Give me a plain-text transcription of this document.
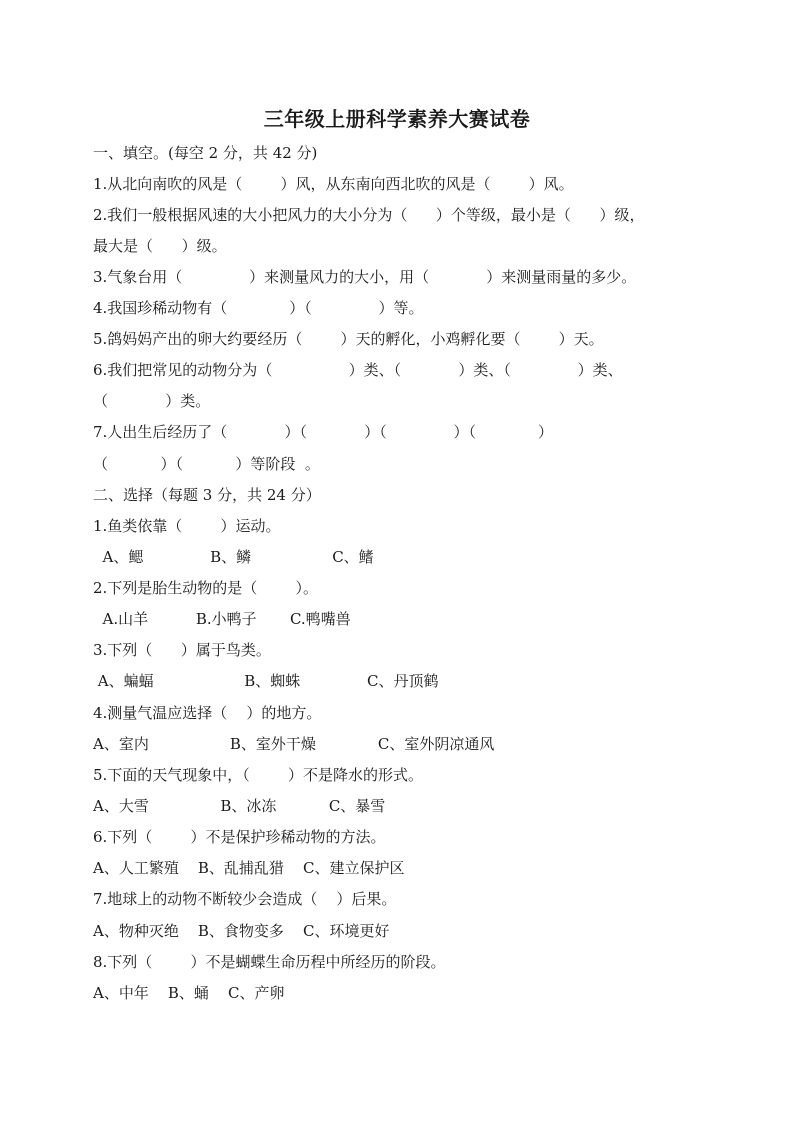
三年级上册科学素养大赛试卷
一、填空。(每空 2 分，共 42 分)
1.从北向南吹的风是（        ）风，从东南向西北吹的风是（        ）风。
2.我们一般根据风速的大小把风力的大小分为（      ）个等级，最小是（      ）级，
最大是（      ）级。
3.气象台用（              ）来测量风力的大小，用（            ）来测量雨量的多少。
4.我国珍稀动物有（             ）（              ）等。
5.鸽妈妈产出的卵大约要经历（        ）天的孵化，小鸡孵化要（        ）天。
6.我们把常见的动物分为（                ）类、（            ）类、（              ）类、
（            ）类。
7.人出生后经历了（            ）（            ）（              ）（             ）
（           ）（           ）等阶段  。
二、选择（每题 3 分，共 24 分）
1.鱼类依靠（        ）运动。
A、鳃              B、鳞                 C、鳍
2.下列是胎生动物的是（        ）。
A.山羊          B.小鸭子       C.鸭嘴兽
3.下列（      ）属于鸟类。
A、蝙蝠                   B、蜘蛛              C、丹顶鹤
4.测量气温应选择（    ）的地方。
A、室内                 B、室外干燥             C、室外阴凉通风
5.下面的天气现象中，（        ）不是降水的形式。
A、大雪               B、冰冻           C、暴雪
6.下列（        ）不是保护珍稀动物的方法。
A、人工繁殖    B、乱捕乱猎    C、建立保护区
7.地球上的动物不断较少会造成（    ）后果。
A、物种灭绝    B、食物变多    C、环境更好
8.下列（        ）不是蝴蝶生命历程中所经历的阶段。
A、中年    B、蛹    C、产卵
